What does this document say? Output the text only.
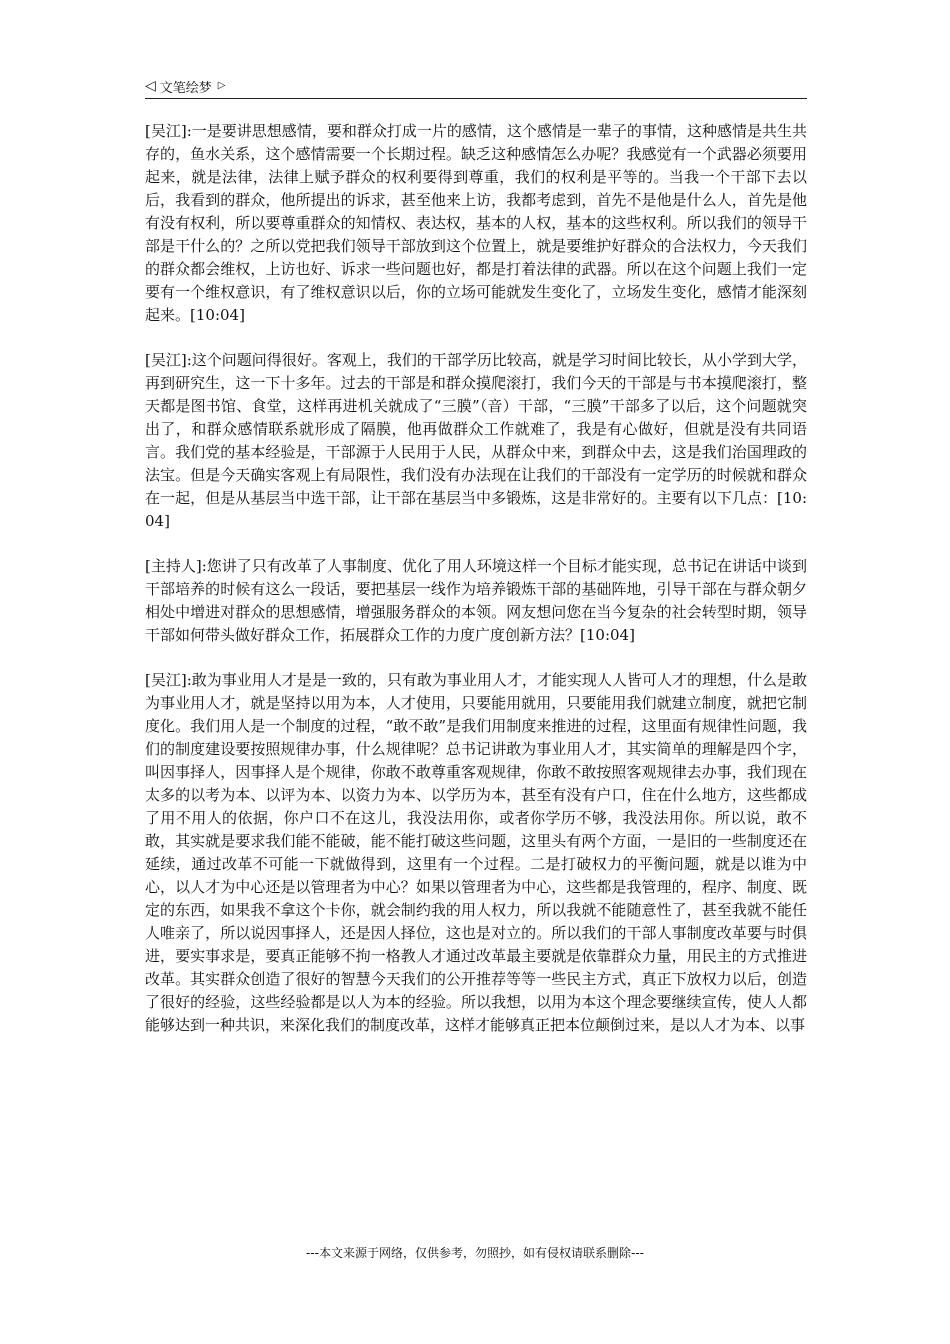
◁ 文笔绘梦 ▷

[吴江]:一是要讲思想感情，要和群众打成一片的感情，这个感情是一辈子的事情，这种感情是共生共存的，鱼水关系，这个感情需要一个长期过程。缺乏这种感情怎么办呢？我感觉有一个武器必须要用起来，就是法律，法律上赋予群众的权利要得到尊重，我们的权利是平等的。当我一个干部下去以后，我看到的群众，他所提出的诉求，甚至他来上访，我都考虑到，首先不是他是什么人，首先是他有没有权利，所以要尊重群众的知情权、表达权，基本的人权，基本的这些权利。所以我们的领导干部是干什么的？之所以党把我们领导干部放到这个位置上，就是要维护好群众的合法权力，今天我们的群众都会维权，上访也好、诉求一些问题也好，都是打着法律的武器。所以在这个问题上我们一定要有一个维权意识，有了维权意识以后，你的立场可能就发生变化了，立场发生变化，感情才能深刻起来。[10:04]

[吴江]:这个问题问得很好。客观上，我们的干部学历比较高，就是学习时间比较长，从小学到大学，再到研究生，这一下十多年。过去的干部是和群众摸爬滚打，我们今天的干部是与书本摸爬滚打，整天都是图书馆、食堂，这样再进机关就成了“三膜”（音）干部，“三膜”干部多了以后，这个问题就突出了，和群众感情联系就形成了隔膜，他再做群众工作就难了，我是有心做好，但就是没有共同语言。我们党的基本经验是，干部源于人民用于人民，从群众中来，到群众中去，这是我们治国理政的法宝。但是今天确实客观上有局限性，我们没有办法现在让我们的干部没有一定学历的时候就和群众在一起，但是从基层当中选干部，让干部在基层当中多锻炼，这是非常好的。主要有以下几点：[10:04]

[主持人]:您讲了只有改革了人事制度、优化了用人环境这样一个目标才能实现，总书记在讲话中谈到干部培养的时候有这么一段话，要把基层一线作为培养锻炼干部的基础阵地，引导干部在与群众朝夕相处中增进对群众的思想感情，增强服务群众的本领。网友想问您在当今复杂的社会转型时期，领导干部如何带头做好群众工作，拓展群众工作的力度广度创新方法？[10:04]

[吴江]:敢为事业用人才是是一致的，只有敢为事业用人才，才能实现人人皆可人才的理想，什么是敢为事业用人才，就是坚持以用为本，人才使用，只要能用就用，只要能用我们就建立制度，就把它制度化。我们用人是一个制度的过程，“敢不敢”是我们用制度来推进的过程，这里面有规律性问题，我们的制度建设要按照规律办事，什么规律呢？总书记讲敢为事业用人才，其实简单的理解是四个字，叫因事择人，因事择人是个规律，你敢不敢尊重客观规律，你敢不敢按照客观规律去办事，我们现在太多的以考为本、以评为本、以资力为本、以学历为本，甚至有没有户口，住在什么地方，这些都成了用不用人的依据，你户口不在这儿，我没法用你，或者你学历不够，我没法用你。所以说，敢不敢，其实就是要求我们能不能破，能不能打破这些问题，这里头有两个方面，一是旧的一些制度还在延续，通过改革不可能一下就做得到，这里有一个过程。二是打破权力的平衡问题，就是以谁为中心，以人才为中心还是以管理者为中心？如果以管理者为中心，这些都是我管理的，程序、制度、既定的东西，如果我不拿这个卡你，就会制约我的用人权力，所以我就不能随意性了，甚至我就不能任人唯亲了，所以说因事择人，还是因人择位，这也是对立的。所以我们的干部人事制度改革要与时俱进，要实事求是，要真正能够不拘一格教人才通过改革最主要就是依靠群众力量，用民主的方式推进改革。其实群众创造了很好的智慧今天我们的公开推荐等等一些民主方式，真正下放权力以后，创造了很好的经验，这些经验都是以人为本的经验。所以我想，以用为本这个理念要继续宣传，使人人都能够达到一种共识，来深化我们的制度改革，这样才能够真正把本位颠倒过来，是以人才为本、以事

---本文来源于网络，仅供参考，勿照抄，如有侵权请联系删除---
